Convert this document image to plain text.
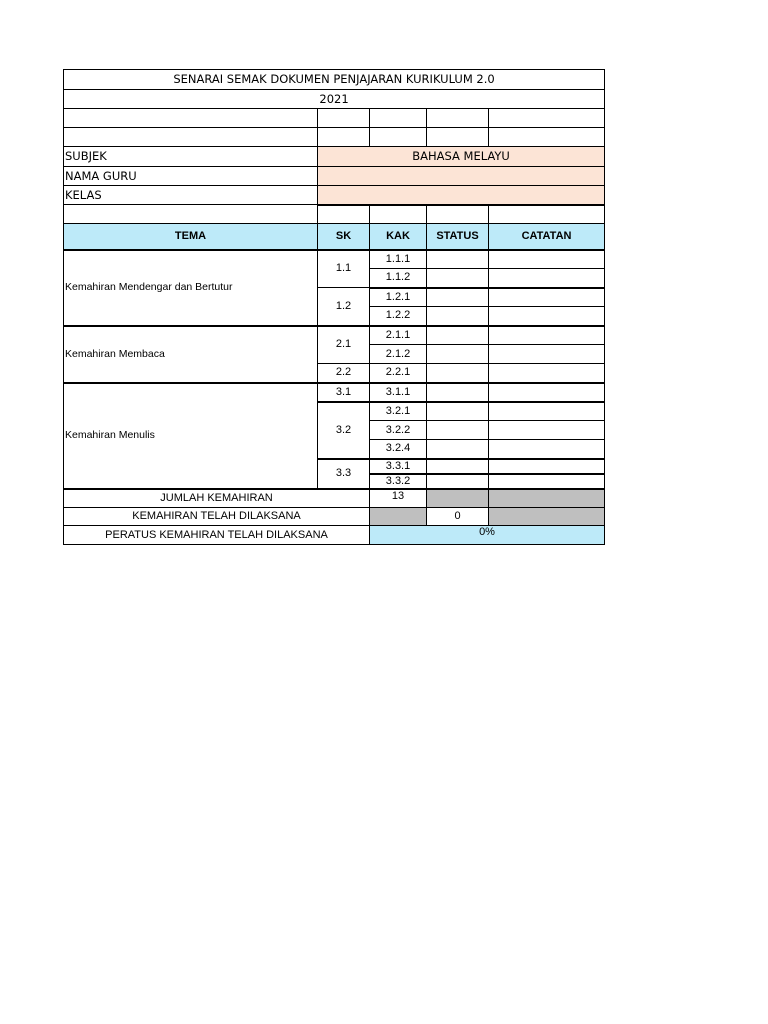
SENARAI SEMAK DOKUMEN PENJAJARAN KURIKULUM 2.0				
2021				

SUBJEK	BAHASA MELAYU			
NAMA GURU				
KELAS				

TEMA	SK	KAK	STATUS	CATATAN
Kemahiran Mendengar dan Bertutur	1.1	1.1.1		
		1.1.2		
	1.2	1.2.1		
		1.2.2		
Kemahiran Membaca	2.1	2.1.1		
		2.1.2		
	2.2	2.2.1		
Kemahiran Menulis	3.1	3.1.1		
	3.2	3.2.1		
		3.2.2		
		3.2.4		
	3.3	3.3.1		
		3.3.2		
JUMLAH KEMAHIRAN		13		
KEMAHIRAN TELAH DILAKSANA			0	
PERATUS KEMAHIRAN TELAH DILAKSANA		0%		
